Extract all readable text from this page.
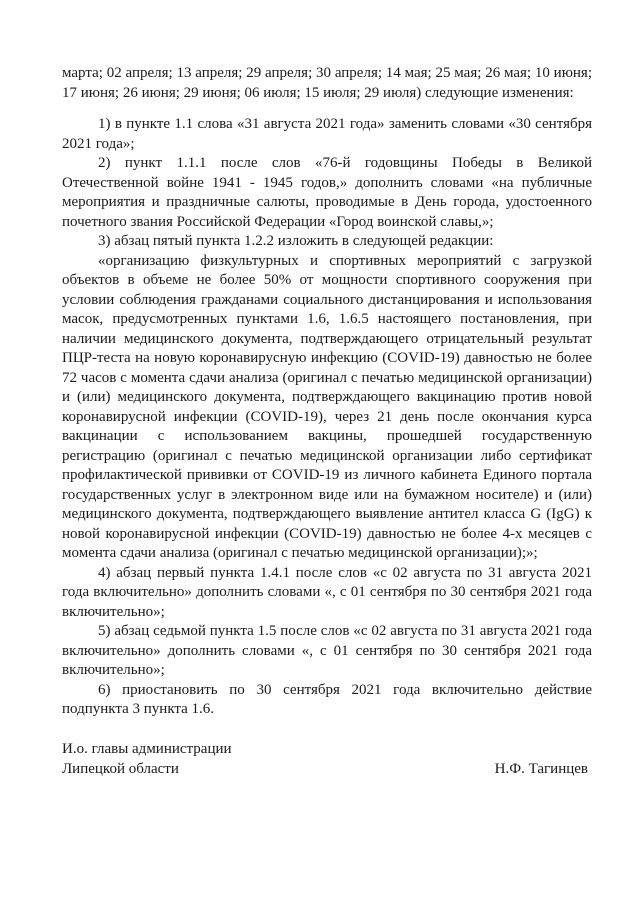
марта; 02 апреля; 13 апреля; 29 апреля; 30 апреля; 14 мая; 25 мая; 26 мая; 10 июня; 17 июня; 26 июня; 29 июня; 06 июля; 15 июля; 29 июля) следующие изменения:

1) в пункте 1.1 слова «31 августа 2021 года» заменить словами «30 сентября 2021 года»;

2) пункт 1.1.1 после слов «76-й годовщины Победы в Великой Отечественной войне 1941 - 1945 годов,» дополнить словами «на публичные мероприятия и праздничные салюты, проводимые в День города, удостоенного почетного звания Российской Федерации «Город воинской славы,»;

3) абзац пятый пункта 1.2.2 изложить в следующей редакции:

«организацию физкультурных и спортивных мероприятий с загрузкой объектов в объеме не более 50% от мощности спортивного сооружения при условии соблюдения гражданами социального дистанцирования и использования масок, предусмотренных пунктами 1.6, 1.6.5 настоящего постановления, при наличии медицинского документа, подтверждающего отрицательный результат ПЦР-теста на новую коронавирусную инфекцию (COVID-19) давностью не более 72 часов с момента сдачи анализа (оригинал с печатью медицинской организации) и (или) медицинского документа, подтверждающего вакцинацию против новой коронавирусной инфекции (COVID-19), через 21 день после окончания курса вакцинации с использованием вакцины, прошедшей государственную регистрацию (оригинал с печатью медицинской организации либо сертификат профилактической прививки от COVID-19 из личного кабинета Единого портала государственных услуг в электронном виде или на бумажном носителе) и (или) медицинского документа, подтверждающего выявление антител класса G (IgG) к новой коронавирусной инфекции (COVID-19) давностью не более 4-х месяцев с момента сдачи анализа (оригинал с печатью медицинской организации);»;

4) абзац первый пункта 1.4.1 после слов «с 02 августа по 31 августа 2021 года включительно» дополнить словами «, с 01 сентября по 30 сентября 2021 года включительно»;

5) абзац седьмой пункта 1.5 после слов «с 02 августа по 31 августа 2021 года включительно» дополнить словами «, с 01 сентября по 30 сентября 2021 года включительно»;

6) приостановить по 30 сентября 2021 года включительно действие подпункта 3 пункта 1.6.

И.о. главы администрации
Липецкой области	Н.Ф. Тагинцев
